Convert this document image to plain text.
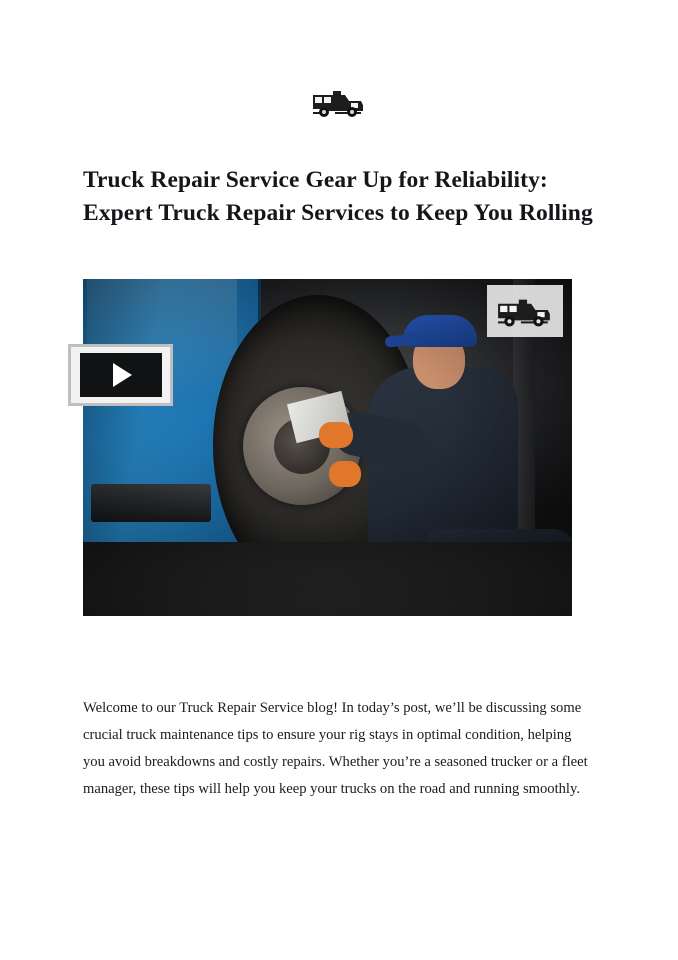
Truck Repair Service Gear Up for Reliability: Expert Truck Repair Services to Keep You Rolling

Welcome to our Truck Repair Service blog! In today’s post, we’ll be discussing some crucial truck maintenance tips to ensure your rig stays in optimal condition, helping you avoid breakdowns and costly repairs. Whether you’re a seasoned trucker or a fleet manager, these tips will help you keep your trucks on the road and running smoothly.
